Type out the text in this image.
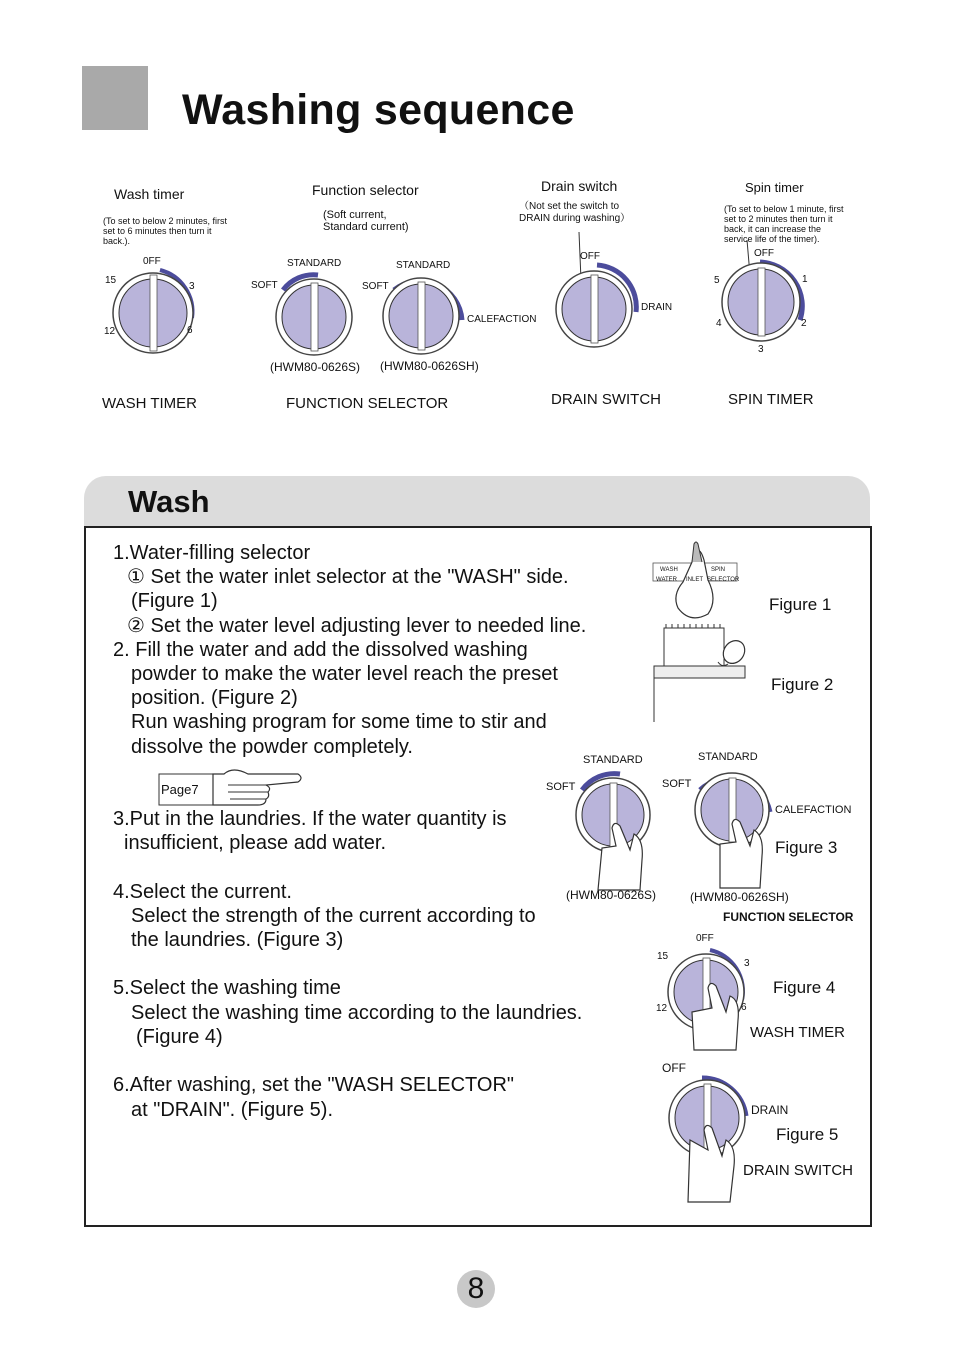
Washing sequence
Wash timer
(To set to below 2 minutes, first set to 6 minutes then turn it back.).
0FF
15
3
12	6
WASH TIMER
Function selector
(Soft current, Standard current)
STANDARD
SOFT
STANDARD
SOFT
CALEFACTION
(HWM80-0626S) (HWM80-0626SH)
FUNCTION SELECTOR
Drain switch
（Not set the switch to DRAIN during washing）
OFF
DRAIN
DRAIN SWITCH
Spin timer
(To set to below 1 minute, first set to 2 minutes then turn it back, it can increase the service life of the timer).
OFF
1
2
3
4
5
SPIN TIMER
Wash
1.Water-filling selector
① Set the water inlet selector at the "WASH" side.
(Figure 1)
② Set the water level adjusting lever to needed line.
2. Fill the water and add the dissolved washing
powder to make the water level reach the preset
position. (Figure 2)
Run washing program for some time to stir and
dissolve the powder completely.
Page7
3.Put in the laundries. If the water quantity is
insufficient, please add water.
4.Select the current.
Select the strength of the current according to
the laundries. (Figure 3)
5.Select the washing time
Select the washing time according to the laundries.
(Figure 4)
6.After washing, set the "WASH SELECTOR"
at "DRAIN". (Figure 5).
WASH	SPIN
WATER INLET SELECTOR
Figure 1
Figure 2
STANDARD
SOFT
STANDARD
SOFT
CALEFACTION
Figure 3
(HWM80-0626S)	(HWM80-0626SH)
FUNCTION SELECTOR
0FF
15
3
12	6
Figure 4
WASH TIMER
OFF
DRAIN
Figure 5
DRAIN SWITCH
8
